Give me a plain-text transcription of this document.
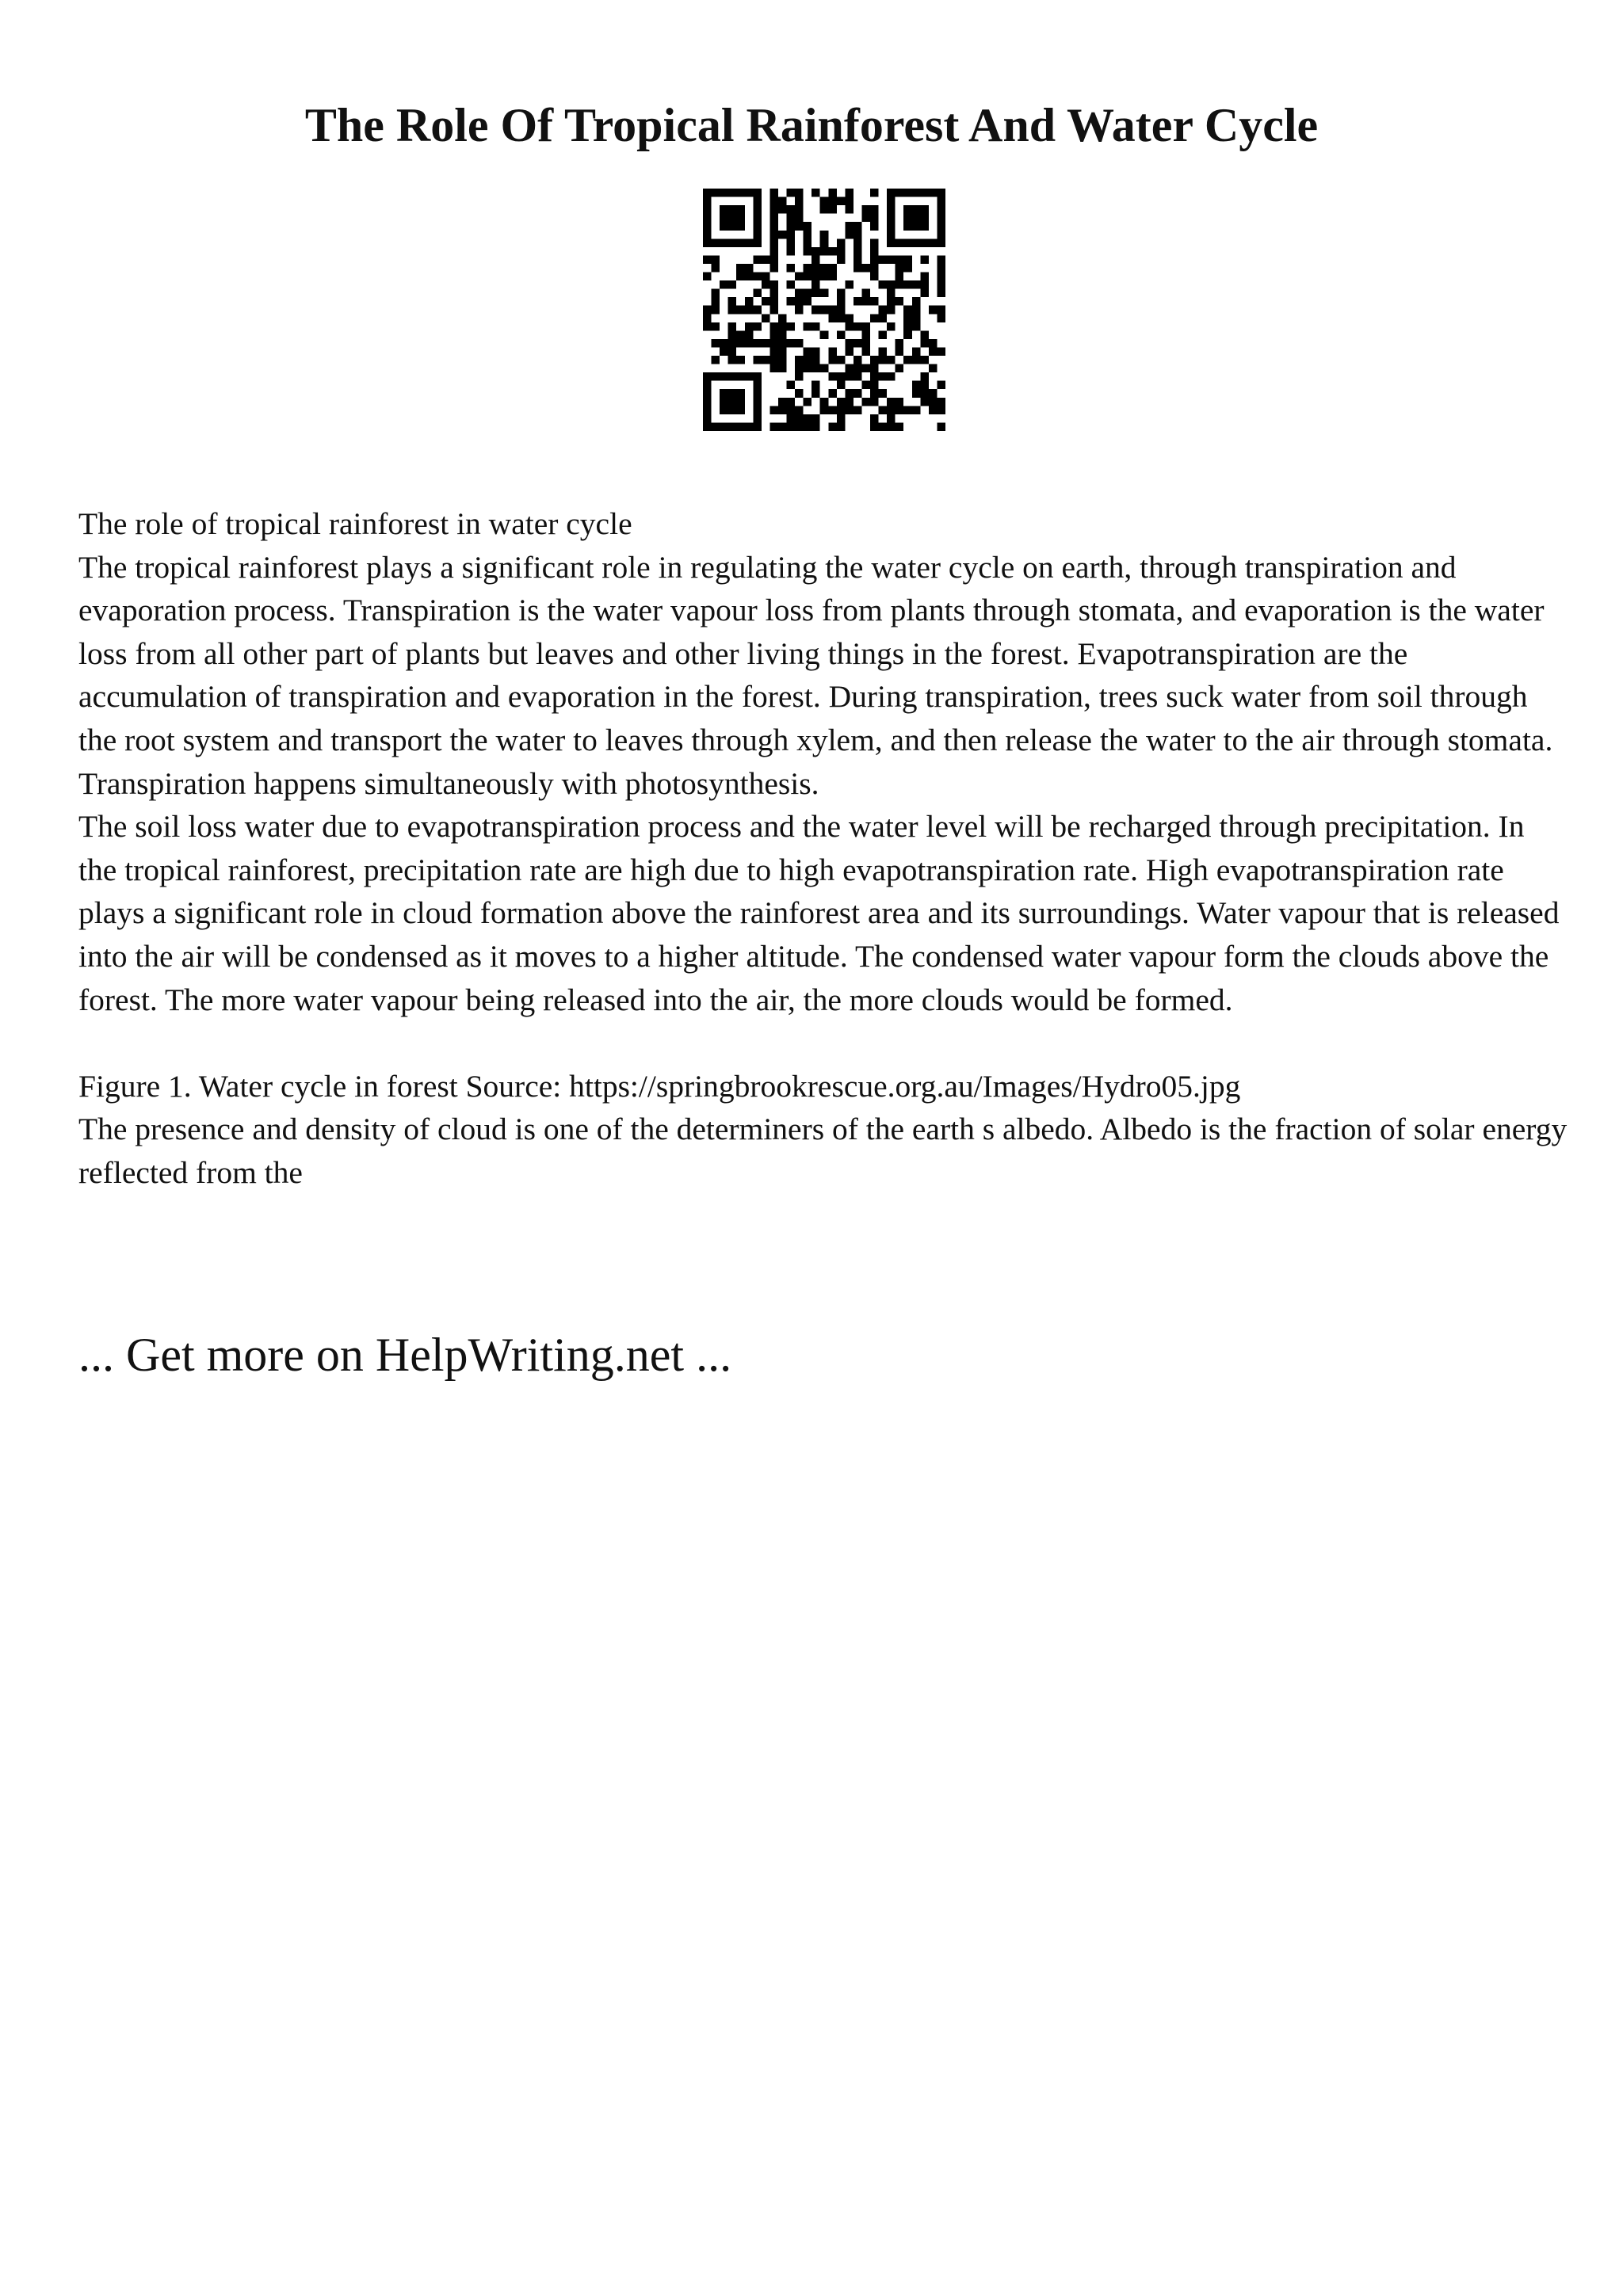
The Role Of Tropical Rainforest And Water Cycle

The role of tropical rainforest in water cycle

The tropical rainforest plays a significant role in regulating the water cycle on earth, through transpiration and evaporation process. Transpiration is the water vapour loss from plants through stomata, and evaporation is the water loss from all other part of plants but leaves and other living things in the forest. Evapotranspiration are the accumulation of transpiration and evaporation in the forest. During transpiration, trees suck water from soil through the root system and transport the water to leaves through xylem, and then release the water to the air through stomata. Transpiration happens simultaneously with photosynthesis.

The soil loss water due to evapotranspiration process and the water level will be recharged through precipitation. In the tropical rainforest, precipitation rate are high due to high evapotranspiration rate. High evapotranspiration rate plays a significant role in cloud formation above the rainforest area and its surroundings. Water vapour that is released into the air will be condensed as it moves to a higher altitude. The condensed water vapour form the clouds above the forest. The more water vapour being released into the air, the more clouds would be formed.

Figure 1. Water cycle in forest Source: https://springbrookrescue.org.au/Images/Hydro05.jpg

The presence and density of cloud is one of the determiners of the earth s albedo. Albedo is the fraction of solar energy reflected from the

... Get more on HelpWriting.net ...
